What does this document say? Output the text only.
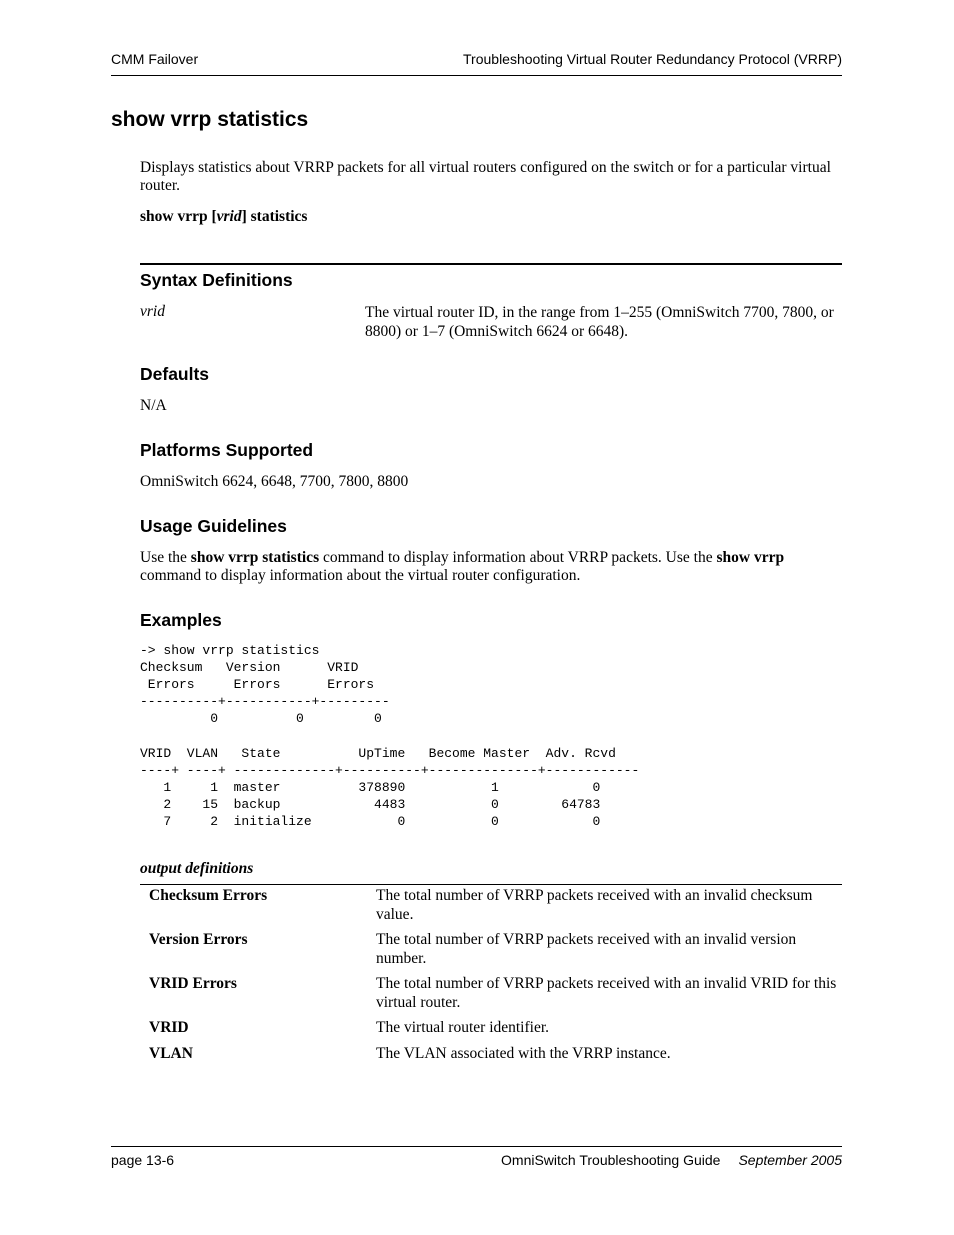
CMM Failover	Troubleshooting Virtual Router Redundancy Protocol (VRRP)
show vrrp statistics
Displays statistics about VRRP packets for all virtual routers configured on the switch or for a particular virtual router.
show vrrp [vrid] statistics
Syntax Definitions
vrid	The virtual router ID, in the range from 1–255 (OmniSwitch 7700, 7800, or 8800) or 1–7 (OmniSwitch 6624 or 6648).
Defaults
N/A
Platforms Supported
OmniSwitch 6624, 6648, 7700, 7800, 8800
Usage Guidelines
Use the show vrrp statistics command to display information about VRRP packets. Use the show vrrp command to display information about the virtual router configuration.
Examples
-> show vrrp statistics
Checksum   Version      VRID
Errors     Errors      Errors
----------+-----------+---------
0          0         0

VRID  VLAN   State          UpTime   Become Master  Adv. Rcvd
----+ ----+ -------------+----------+--------------+------------
1     1  master          378890           1            0
2    15  backup            4483           0        64783
7     2  initialize           0           0            0
output definitions
Checksum Errors	The total number of VRRP packets received with an invalid checksum value.
Version Errors	The total number of VRRP packets received with an invalid version number.
VRID Errors	The total number of VRRP packets received with an invalid VRID for this virtual router.
VRID	The virtual router identifier.
VLAN	The VLAN associated with the VRRP instance.
page 13-6	OmniSwitch Troubleshooting Guide September 2005
